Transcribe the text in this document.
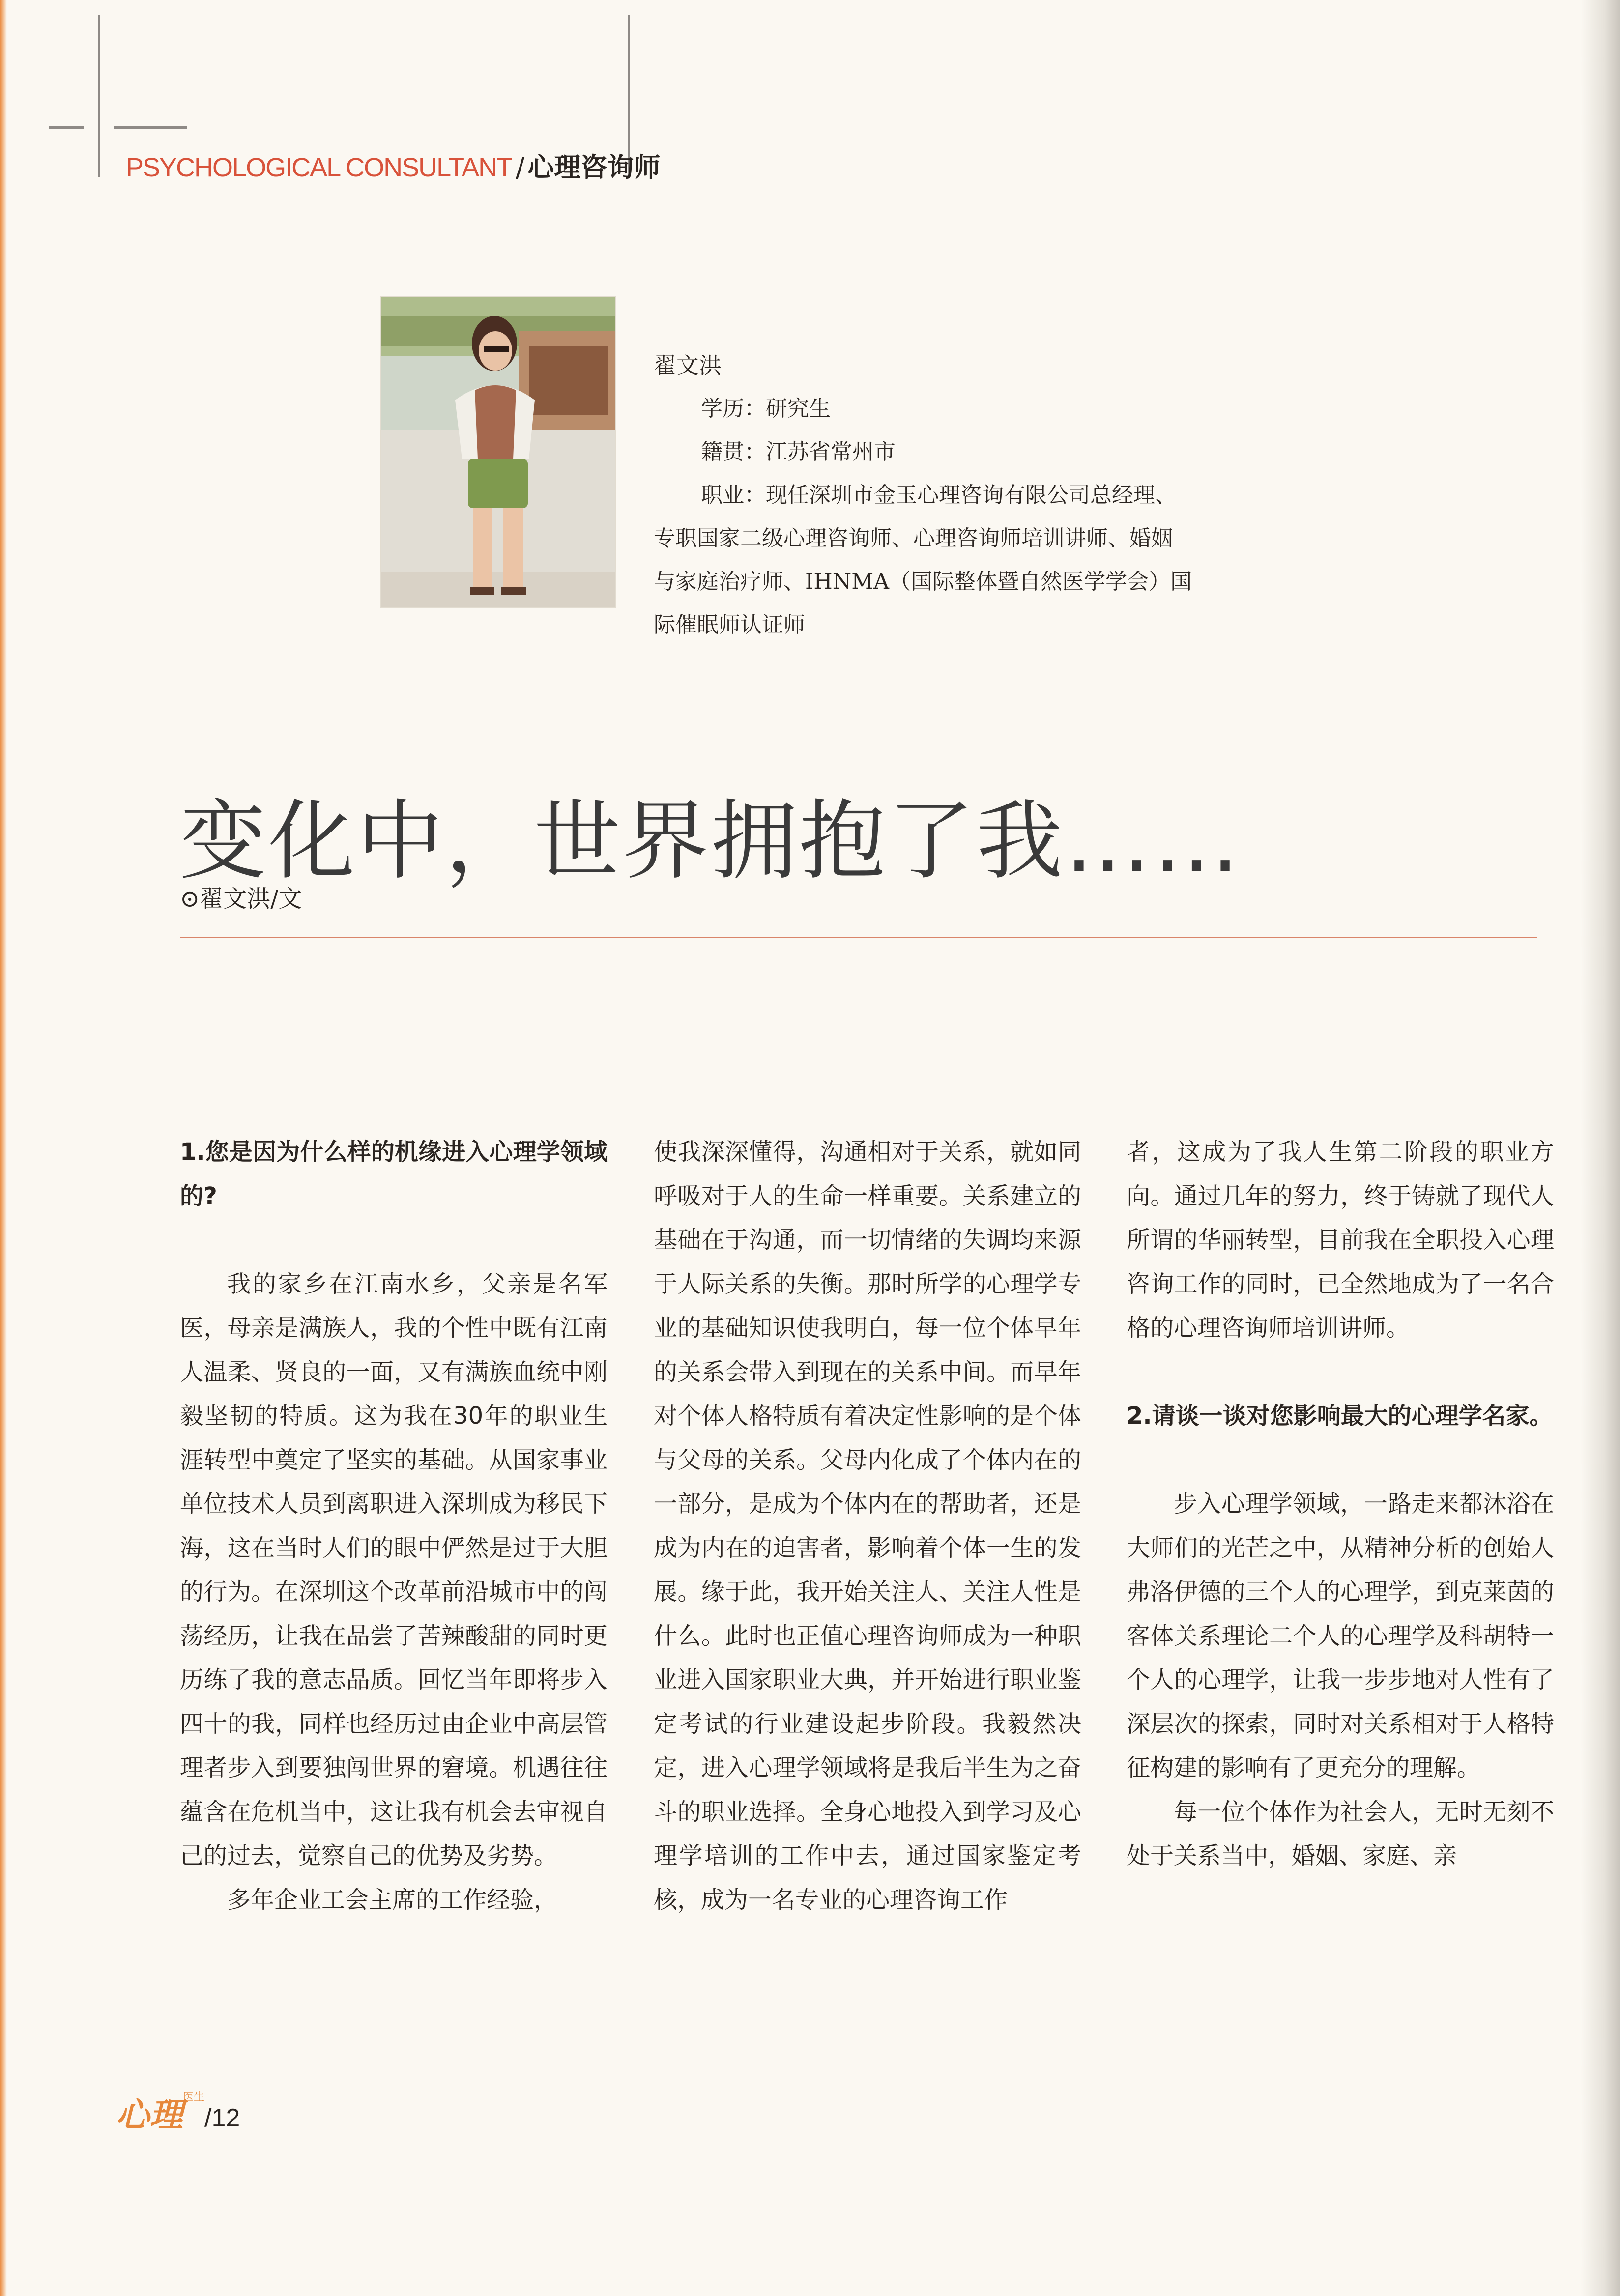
PSYCHOLOGICAL CONSULTANT / 心理咨询师
翟文洪
学历：研究生
籍贯：江苏省常州市
职业：现任深圳市金玉心理咨询有限公司总经理、
专职国家二级心理咨询师、心理咨询师培训讲师、婚姻
与家庭治疗师、IHNMA（国际整体暨自然医学学会）国
际催眠师认证师
变化中，世界拥抱了我……
⊙翟文洪/文

1.您是因为什么样的机缘进入心理学领域的?

我的家乡在江南水乡，父亲是名军医，母亲是满族人，我的个性中既有江南人温柔、贤良的一面，又有满族血统中刚毅坚韧的特质。这为我在30年的职业生涯转型中奠定了坚实的基础。从国家事业单位技术人员到离职进入深圳成为移民下海，这在当时人们的眼中俨然是过于大胆的行为。在深圳这个改革前沿城市中的闯荡经历，让我在品尝了苦辣酸甜的同时更历练了我的意志品质。回忆当年即将步入四十的我，同样也经历过由企业中高层管理者步入到要独闯世界的窘境。机遇往往蕴含在危机当中，这让我有机会去审视自己的过去，觉察自己的优势及劣势。

多年企业工会主席的工作经验，

使我深深懂得，沟通相对于关系，就如同呼吸对于人的生命一样重要。关系建立的基础在于沟通，而一切情绪的失调均来源于人际关系的失衡。那时所学的心理学专业的基础知识使我明白，每一位个体早年的关系会带入到现在的关系中间。而早年对个体人格特质有着决定性影响的是个体与父母的关系。父母内化成了个体内在的一部分，是成为个体内在的帮助者，还是成为内在的迫害者，影响着个体一生的发展。缘于此，我开始关注人、关注人性是什么。此时也正值心理咨询师成为一种职业进入国家职业大典，并开始进行职业鉴定考试的行业建设起步阶段。我毅然决定，进入心理学领域将是我后半生为之奋斗的职业选择。全身心地投入到学习及心理学培训的工作中去，通过国家鉴定考核，成为一名专业的心理咨询工作

者，这成为了我人生第二阶段的职业方向。通过几年的努力，终于铸就了现代人所谓的华丽转型，目前我在全职投入心理咨询工作的同时，已全然地成为了一名合格的心理咨询师培训讲师。

2.请谈一谈对您影响最大的心理学名家。

步入心理学领域，一路走来都沐浴在大师们的光芒之中，从精神分析的创始人弗洛伊德的三个人的心理学，到克莱茵的客体关系理论二个人的心理学及科胡特一个人的心理学，让我一步步地对人性有了深层次的探索，同时对关系相对于人格特征构建的影响有了更充分的理解。

每一位个体作为社会人，无时无刻不处于关系当中，婚姻、家庭、亲

心理医生/12
